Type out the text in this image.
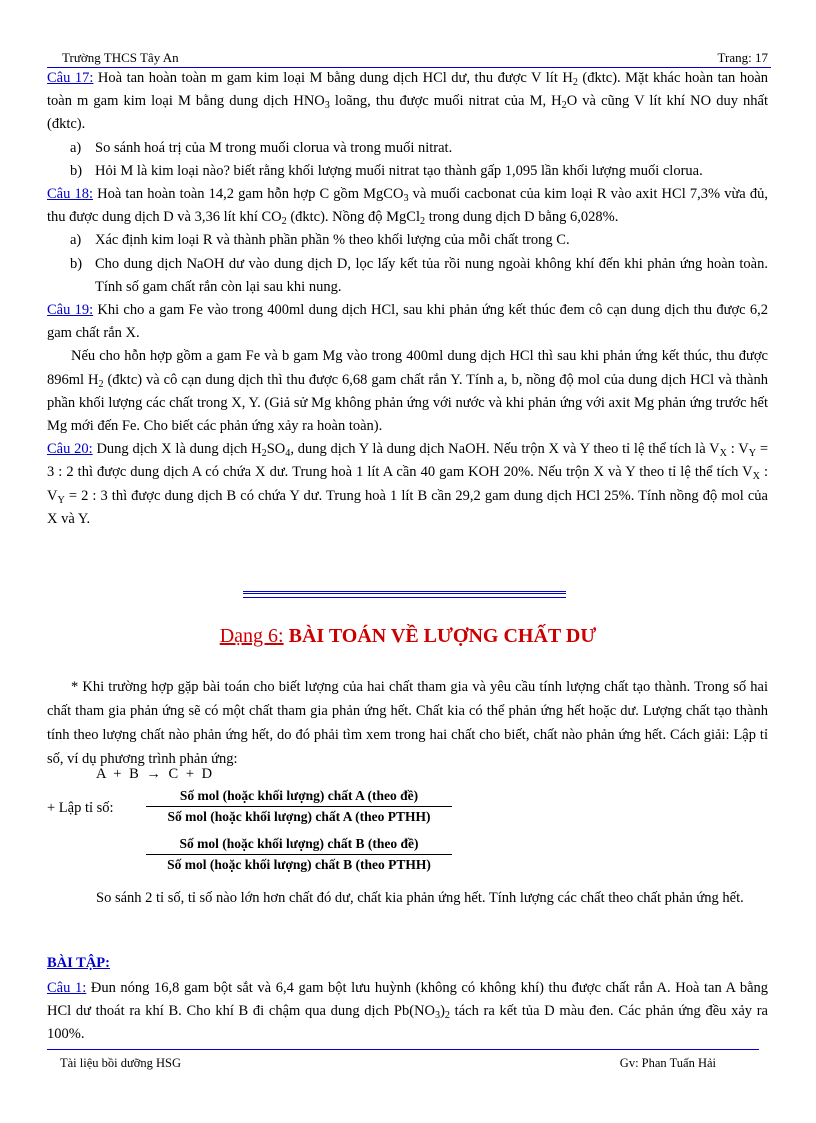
Trường THCS Tây An	Trang: 17

Câu 17: Hoà tan hoàn toàn m gam kim loại M bằng dung dịch HCl dư, thu được V lít $H_2$ (đktc). Mặt khác hoàn tan hoàn toàn m gam kim loại M bằng dung dịch $HNO_3$ loãng, thu được muối nitrat của M, $H_2O$ và cũng V lít khí NO duy nhất (đktc).

a) So sánh hoá trị của M trong muối clorua và trong muối nitrat.
b) Hỏi M là kim loại nào? biết rằng khối lượng muối nitrat tạo thành gấp 1,095 lần khối lượng muối clorua.

Câu 18: Hoà tan hoàn toàn 14,2 gam hỗn hợp C gồm MgCO$_3$ và muối cacbonat của kim loại R vào axit HCl 7,3% vừa đủ, thu được dung dịch D và 3,36 lít khí $CO_2$ (đktc). Nồng độ MgCl$_2$ trong dung dịch D bằng 6,028%.

a) Xác định kim loại R và thành phần phần % theo khối lượng của mỗi chất trong C.
b) Cho dung dịch NaOH dư vào dung dịch D, lọc lấy kết tủa rồi nung ngoài không khí đến khi phản ứng hoàn toàn. Tính số gam chất rắn còn lại sau khi nung.

Câu 19: Khi cho a gam Fe vào trong 400ml dung dịch HCl, sau khi phản ứng kết thúc đem cô cạn dung dịch thu được 6,2 gam chất rắn X.

Nếu cho hỗn hợp gồm a gam Fe và b gam Mg vào trong 400ml dung dịch HCl thì sau khi phản ứng kết thúc, thu được 896ml $H_2$ (đktc) và cô cạn dung dịch thì thu được 6,68 gam chất rắn Y. Tính a, b, nồng độ mol của dung dịch HCl và thành phần khối lượng các chất trong X, Y. (Giả sử Mg không phản ứng với nước và khi phản ứng với axit Mg phản ứng trước hết Mg mới đến Fe. Cho biết các phản ứng xảy ra hoàn toàn).

Câu 20: Dung dịch X là dung dịch $H_2SO_4$, dung dịch Y là dung dịch NaOH. Nếu trộn X và Y theo tỉ lệ thể tích là $V_X$ : $V_Y = 3$ : 2 thì được dung dịch A có chứa X dư. Trung hoà 1 lít A cần 40 gam KOH 20%. Nếu trộn X và Y theo tỉ lệ thể tích $V_X$ : $V_Y = 2$ : 3 thì được dung dịch B có chứa Y dư. Trung hoà 1 lít B cần 29,2 gam dung dịch HCl 25%. Tính nồng độ mol của X và Y.

Dạng 6: BÀI TOÁN VỀ LƯỢNG CHẤT DƯ

* Khi trường hợp gặp bài toán cho biết lượng của hai chất tham gia và yêu cầu tính lượng chất tạo thành. Trong số hai chất tham gia phản ứng sẽ có một chất tham gia phản ứng hết. Chất kia có thể phản ứng hết hoặc dư. Lượng chất tạo thành tính theo lượng chất nào phản ứng hết, do đó phải tìm xem trong hai chất cho biết, chất nào phản ứng hết. Cách giải: Lập tỉ số, ví dụ phương trình phản ứng:

A + B → C + D
+ Lập tỉ số:
Số mol (hoặc khối lượng) chất A (theo đề)
Số mol (hoặc khối lượng) chất A (theo PTHH)
Số mol (hoặc khối lượng) chất B (theo đề)
Số mol (hoặc khối lượng) chất B (theo PTHH)
So sánh 2 tỉ số, tỉ số nào lớn hơn chất đó dư, chất kia phản ứng hết. Tính lượng các chất theo chất phản ứng hết.
BÀI TẬP:
Câu 1: Đun nóng 16,8 gam bột sắt và 6,4 gam bột lưu huỳnh (không có không khí) thu được chất rắn A. Hoà tan A bằng HCl dư thoát ra khí B. Cho khí B đi chậm qua dung dịch $Pb(NO_3)_2$ tách ra kết tủa D màu đen. Các phản ứng đều xảy ra 100%.
Tài liệu bồi dưỡng HSG	Gv: Phan Tuấn Hải
